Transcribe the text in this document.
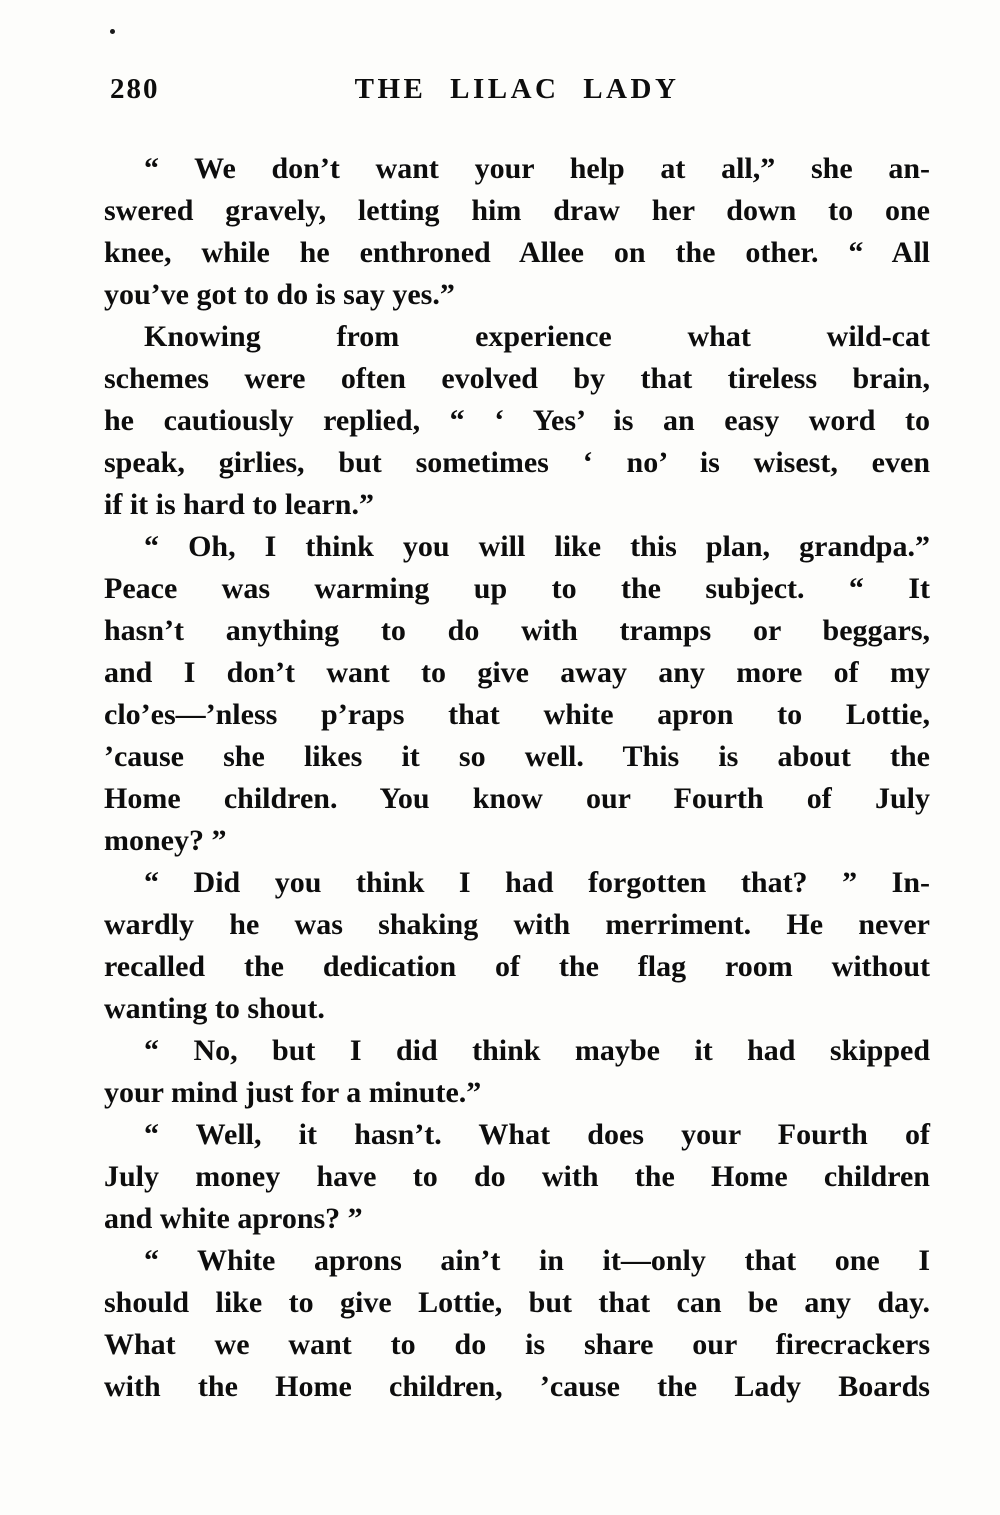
280	THE LILAC LADY
“ We don’t want your help at all,” she an-
swered gravely, letting him draw her down to one
knee, while he enthroned Allee on the other. “ All
you’ve got to do is say yes.”
Knowing from experience what wild-cat
schemes were often evolved by that tireless brain,
he cautiously replied, “ ‘ Yes’ is an easy word to
speak, girlies, but sometimes ‘ no’ is wisest, even
if it is hard to learn.”
“ Oh, I think you will like this plan, grandpa.”
Peace was warming up to the subject. “ It
hasn’t anything to do with tramps or beggars,
and I don’t want to give away any more of my
clo’es—’nless p’raps that white apron to Lottie,
’cause she likes it so well. This is about the
Home children. You know our Fourth of July
money? ”
“ Did you think I had forgotten that? ” In-
wardly he was shaking with merriment. He never
recalled the dedication of the flag room without
wanting to shout.
“ No, but I did think maybe it had skipped
your mind just for a minute.”
“ Well, it hasn’t. What does your Fourth of
July money have to do with the Home children
and white aprons? ”
“ White aprons ain’t in it—only that one I
should like to give Lottie, but that can be any day.
What we want to do is share our firecrackers
with the Home children, ’cause the Lady Boards
